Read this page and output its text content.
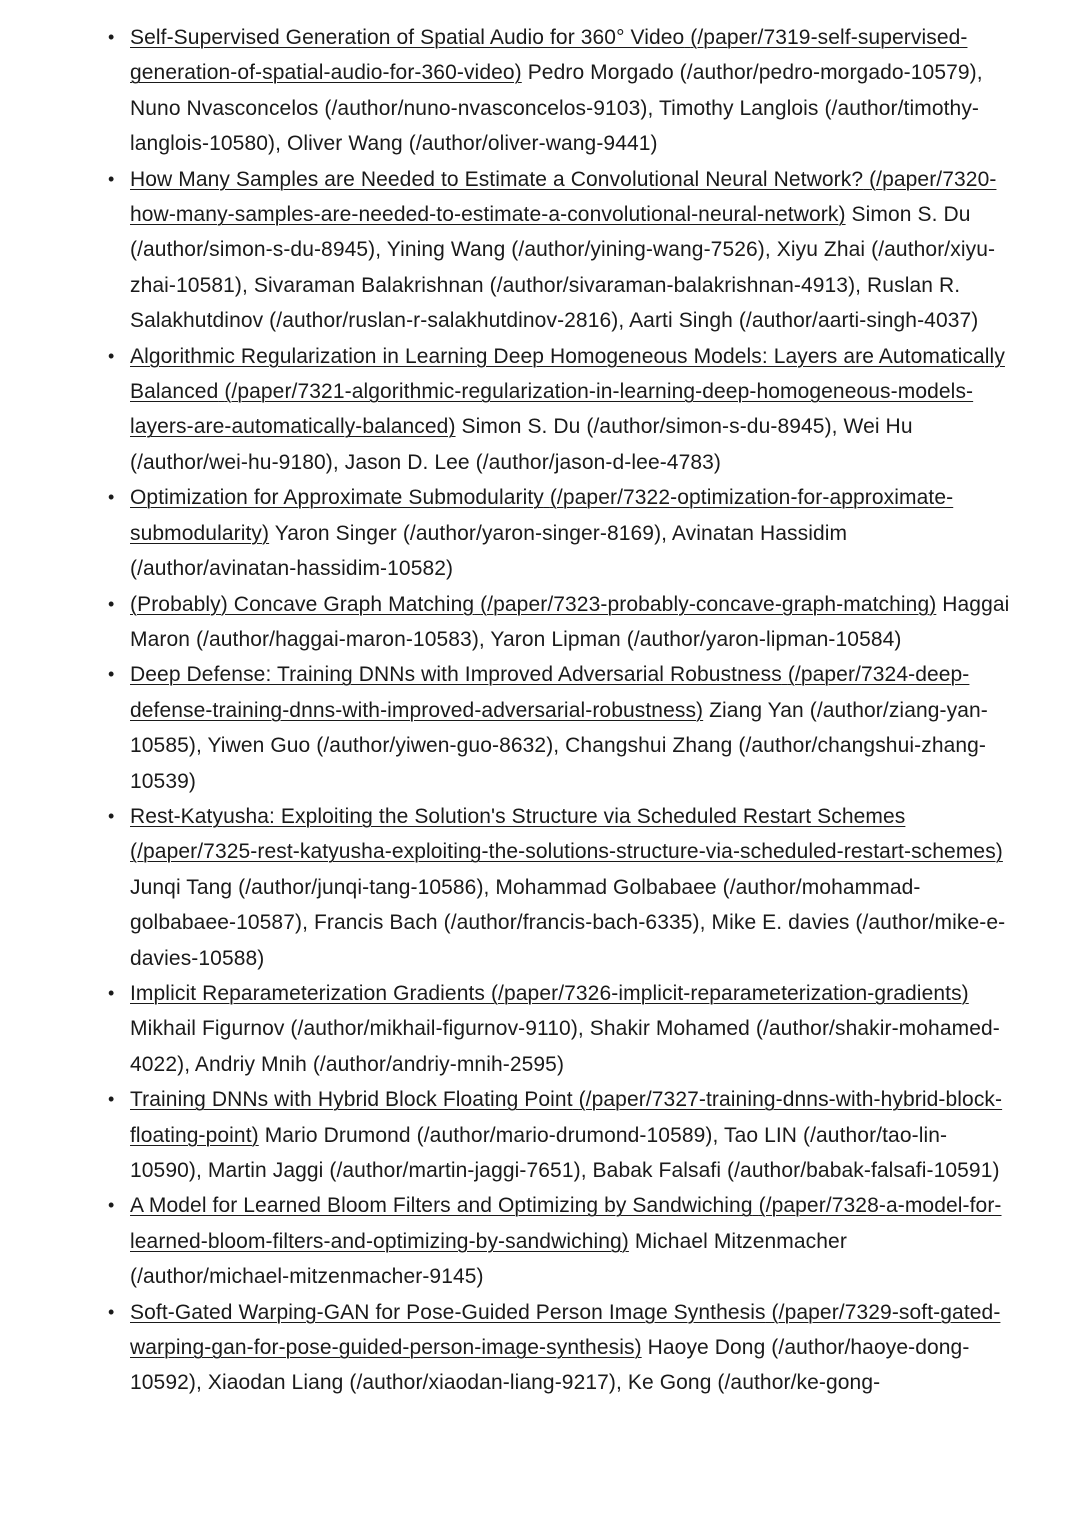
• Self-Supervised Generation of Spatial Audio for 360° Video (/paper/7319-self-supervised-generation-of-spatial-audio-for-360-video) Pedro Morgado (/author/pedro-morgado-10579), Nuno Nvasconcelos (/author/nuno-nvasconcelos-9103), Timothy Langlois (/author/timothy-langlois-10580), Oliver Wang (/author/oliver-wang-9441)
• How Many Samples are Needed to Estimate a Convolutional Neural Network? (/paper/7320-how-many-samples-are-needed-to-estimate-a-convolutional-neural-network) Simon S. Du (/author/simon-s-du-8945), Yining Wang (/author/yining-wang-7526), Xiyu Zhai (/author/xiyu-zhai-10581), Sivaraman Balakrishnan (/author/sivaraman-balakrishnan-4913), Ruslan R. Salakhutdinov (/author/ruslan-r-salakhutdinov-2816), Aarti Singh (/author/aarti-singh-4037)
• Algorithmic Regularization in Learning Deep Homogeneous Models: Layers are Automatically Balanced (/paper/7321-algorithmic-regularization-in-learning-deep-homogeneous-models-layers-are-automatically-balanced) Simon S. Du (/author/simon-s-du-8945), Wei Hu (/author/wei-hu-9180), Jason D. Lee (/author/jason-d-lee-4783)
• Optimization for Approximate Submodularity (/paper/7322-optimization-for-approximate-submodularity) Yaron Singer (/author/yaron-singer-8169), Avinatan Hassidim (/author/avinatan-hassidim-10582)
• (Probably) Concave Graph Matching (/paper/7323-probably-concave-graph-matching) Haggai Maron (/author/haggai-maron-10583), Yaron Lipman (/author/yaron-lipman-10584)
• Deep Defense: Training DNNs with Improved Adversarial Robustness (/paper/7324-deep-defense-training-dnns-with-improved-adversarial-robustness) Ziang Yan (/author/ziang-yan-10585), Yiwen Guo (/author/yiwen-guo-8632), Changshui Zhang (/author/changshui-zhang-10539)
• Rest-Katyusha: Exploiting the Solution's Structure via Scheduled Restart Schemes (/paper/7325-rest-katyusha-exploiting-the-solutions-structure-via-scheduled-restart-schemes) Junqi Tang (/author/junqi-tang-10586), Mohammad Golbabaee (/author/mohammad-golbabaee-10587), Francis Bach (/author/francis-bach-6335), Mike E. davies (/author/mike-e-davies-10588)
• Implicit Reparameterization Gradients (/paper/7326-implicit-reparameterization-gradients) Mikhail Figurnov (/author/mikhail-figurnov-9110), Shakir Mohamed (/author/shakir-mohamed-4022), Andriy Mnih (/author/andriy-mnih-2595)
• Training DNNs with Hybrid Block Floating Point (/paper/7327-training-dnns-with-hybrid-block-floating-point) Mario Drumond (/author/mario-drumond-10589), Tao LIN (/author/tao-lin-10590), Martin Jaggi (/author/martin-jaggi-7651), Babak Falsafi (/author/babak-falsafi-10591)
• A Model for Learned Bloom Filters and Optimizing by Sandwiching (/paper/7328-a-model-for-learned-bloom-filters-and-optimizing-by-sandwiching) Michael Mitzenmacher (/author/michael-mitzenmacher-9145)
• Soft-Gated Warping-GAN for Pose-Guided Person Image Synthesis (/paper/7329-soft-gated-warping-gan-for-pose-guided-person-image-synthesis) Haoye Dong (/author/haoye-dong-10592), Xiaodan Liang (/author/xiaodan-liang-9217), Ke Gong (/author/ke-gong-
